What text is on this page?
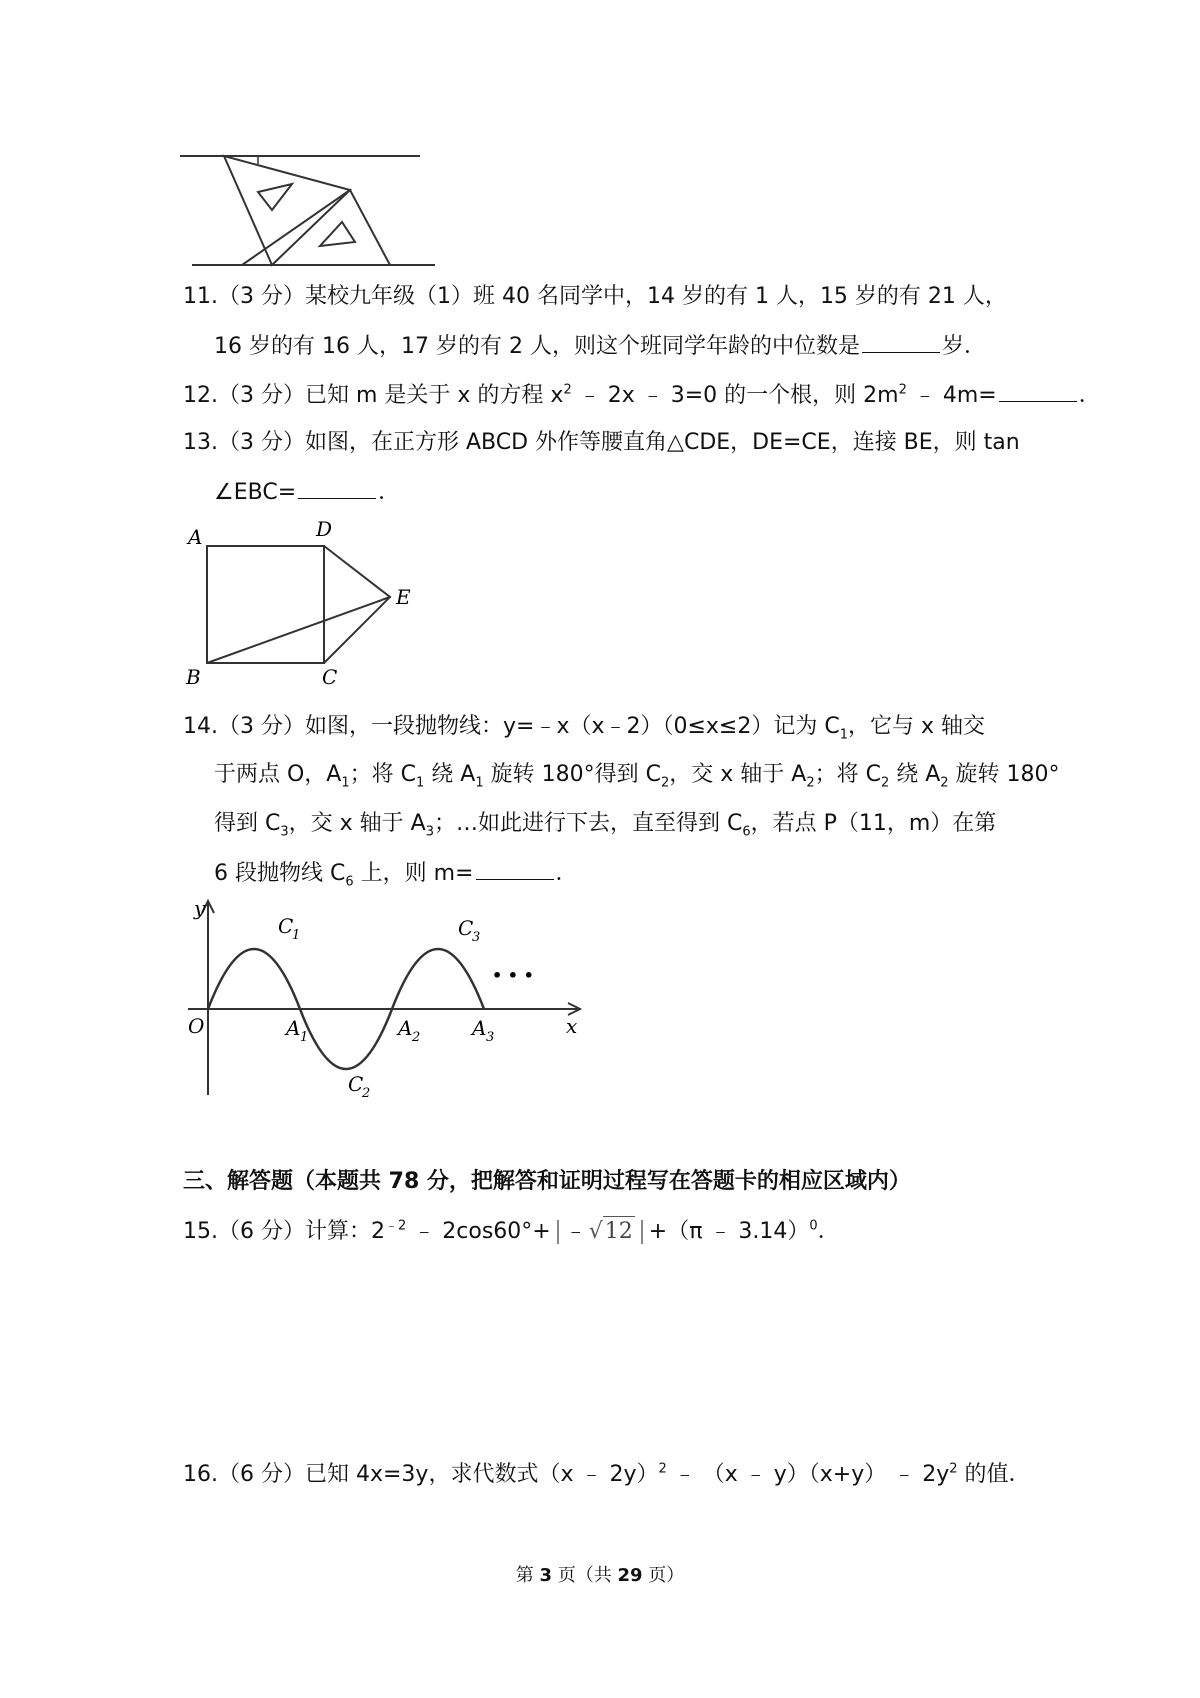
11.（3 分）某校九年级（1）班 40 名同学中，14 岁的有 1 人，15 岁的有 21 人，
16 岁的有 16 人，17 岁的有 2 人，则这个班同学年龄的中位数是	岁．
12.（3 分）已知 m 是关于 x 的方程 $x^2$ ﹣ 2x ﹣ 3=0 的一个根，则 $2m^2$ ﹣ 4m=	．
13.（3 分）如图，在正方形 ABCD 外作等腰直角△CDE，DE=CE，连接 BE，则 tan
∠EBC=	．
A	D
E
B	C
14.（3 分）如图，一段抛物线：y=﹣x（x﹣2）（0≤x≤2）记为 $C_1$，它与 x 轴交
于两点 O，$A_1$；将 $C_1$ 绕 $A_1$ 旋转 180°得到 $C_2$，交 x 轴于 $A_2$；将 $C_2$ 绕 $A_2$ 旋转 180°
得到 $C_3$，交 x 轴于 $A_3$；…如此进行下去，直至得到 $C_6$，若点 P（11，m）在第
6 段抛物线 $C_6$ 上，则 m=	．
y
x
O	A 1	A 2	A 3
C
1
C
2
C
3
• • •
三、解答题（本题共 78 分，把解答和证明过程写在答题卡的相应区域内）
15.（6 分）计算：$2^{﹣2}$ ﹣ 2cos60°+ ﹣√12 +（π ﹣ 3.14）$^0$．
16.（6 分）已知 4x=3y，求代数式（x ﹣ 2y）$^2$ ﹣ （x ﹣ y）（x+y） ﹣ $2y^2$ 的值．
第 3 页（共 29 页）
